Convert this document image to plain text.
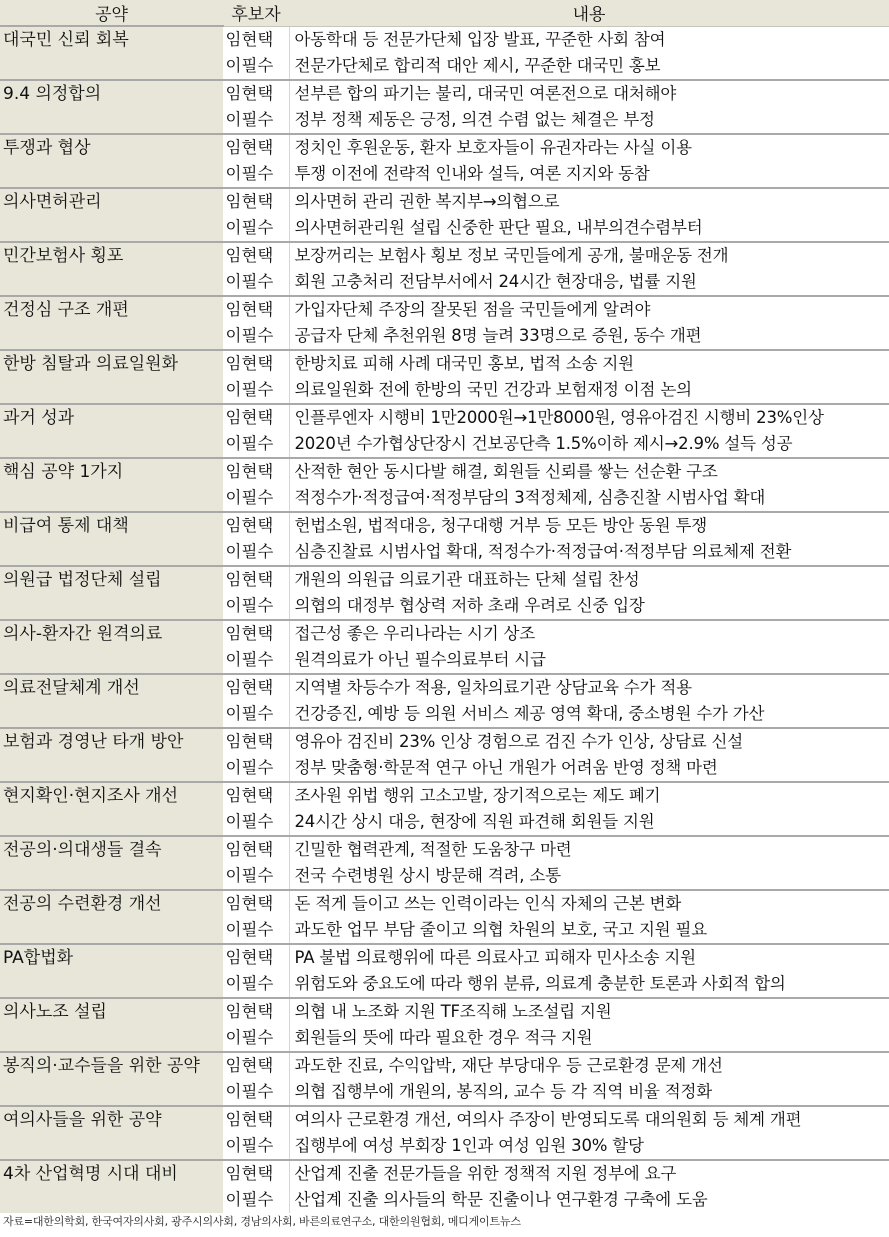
공약	후보자	내용
대국민 신뢰 회복	임현택	아동학대 등 전문가단체 입장 발표, 꾸준한 사회 참여
	이필수	전문가단체로 합리적 대안 제시, 꾸준한 대국민 홍보
9.4 의정합의	임현택	섣부른 합의 파기는 불리, 대국민 여론전으로 대처해야
	이필수	정부 정책 제동은 긍정, 의견 수렴 없는 체결은 부정
투쟁과 협상	임현택	정치인 후원운동, 환자 보호자들이 유권자라는 사실 이용
	이필수	투쟁 이전에 전략적 인내와 설득, 여론 지지와 동참
의사면허관리	임현택	의사면허 관리 권한 복지부→의협으로
	이필수	의사면허관리원 설립 신중한 판단 필요, 내부의견수렴부터
민간보험사 횡포	임현택	보장꺼리는 보험사 횡보 정보 국민들에게 공개, 불매운동 전개
	이필수	회원 고충처리 전담부서에서 24시간 현장대응, 법률 지원
건정심 구조 개편	임현택	가입자단체 주장의 잘못된 점을 국민들에게 알려야
	이필수	공급자 단체 추천위원 8명 늘려 33명으로 증원, 동수 개편
한방 침탈과 의료일원화	임현택	한방치료 피해 사례 대국민 홍보, 법적 소송 지원
	이필수	의료일원화 전에 한방의 국민 건강과 보험재정 이점 논의
과거 성과	임현택	인플루엔자 시행비 1만2000원→1만8000원, 영유아검진 시행비 23%인상
	이필수	2020년 수가협상단장시 건보공단측 1.5%이하 제시→2.9% 설득 성공
핵심 공약 1가지	임현택	산적한 현안 동시다발 해결, 회원들 신뢰를 쌓는 선순환 구조
	이필수	적정수가·적정급여·적정부담의 3적정체제, 심층진찰 시범사업 확대
비급여 통제 대책	임현택	헌법소원, 법적대응, 청구대행 거부 등 모든 방안 동원 투쟁
	이필수	심층진찰료 시범사업 확대, 적정수가·적정급여·적정부담 의료체제 전환
의원급 법정단체 설립	임현택	개원의 의원급 의료기관 대표하는 단체 설립 찬성
	이필수	의협의 대정부 협상력 저하 초래 우려로 신중 입장
의사-환자간 원격의료	임현택	접근성 좋은 우리나라는 시기 상조
	이필수	원격의료가 아닌 필수의료부터 시급
의료전달체계 개선	임현택	지역별 차등수가 적용, 일차의료기관 상담교육 수가 적용
	이필수	건강증진, 예방 등 의원 서비스 제공 영역 확대, 중소병원 수가 가산
보험과 경영난 타개 방안	임현택	영유아 검진비 23% 인상 경험으로 검진 수가 인상, 상담료 신설
	이필수	정부 맞춤형·학문적 연구 아닌 개원가 어려움 반영 정책 마련
현지확인·현지조사 개선	임현택	조사원 위법 행위 고소고발, 장기적으로는 제도 폐기
	이필수	24시간 상시 대응, 현장에 직원 파견해 회원들 지원
전공의·의대생들 결속	임현택	긴밀한 협력관계, 적절한 도움창구 마련
	이필수	전국 수련병원 상시 방문해 격려, 소통
전공의 수련환경 개선	임현택	돈 적게 들이고 쓰는 인력이라는 인식 자체의 근본 변화
	이필수	과도한 업무 부담 줄이고 의협 차원의 보호, 국고 지원 필요
PA합법화	임현택	PA 불법 의료행위에 따른 의료사고 피해자 민사소송 지원
	이필수	위험도와 중요도에 따라 행위 분류, 의료계 충분한 토론과 사회적 합의
의사노조 설립	임현택	의협 내 노조화 지원 TF조직해 노조설립 지원
	이필수	회원들의 뜻에 따라 필요한 경우 적극 지원
봉직의·교수들을 위한 공약	임현택	과도한 진료, 수익압박, 재단 부당대우 등 근로환경 문제 개선
	이필수	의협 집행부에 개원의, 봉직의, 교수 등 각 직역 비율 적정화
여의사들을 위한 공약	임현택	여의사 근로환경 개선, 여의사 주장이 반영되도록 대의원회 등 체계 개편
	이필수	집행부에 여성 부회장 1인과 여성 임원 30% 할당
4차 산업혁명 시대 대비	임현택	산업계 진출 전문가들을 위한 정책적 지원 정부에 요구
	이필수	산업계 진출 의사들의 학문 진출이나 연구환경 구축에 도움
자료=대한의학회, 한국여자의사회, 광주시의사회, 경남의사회, 바른의료연구소, 대한의원협회, 메디게이트뉴스
